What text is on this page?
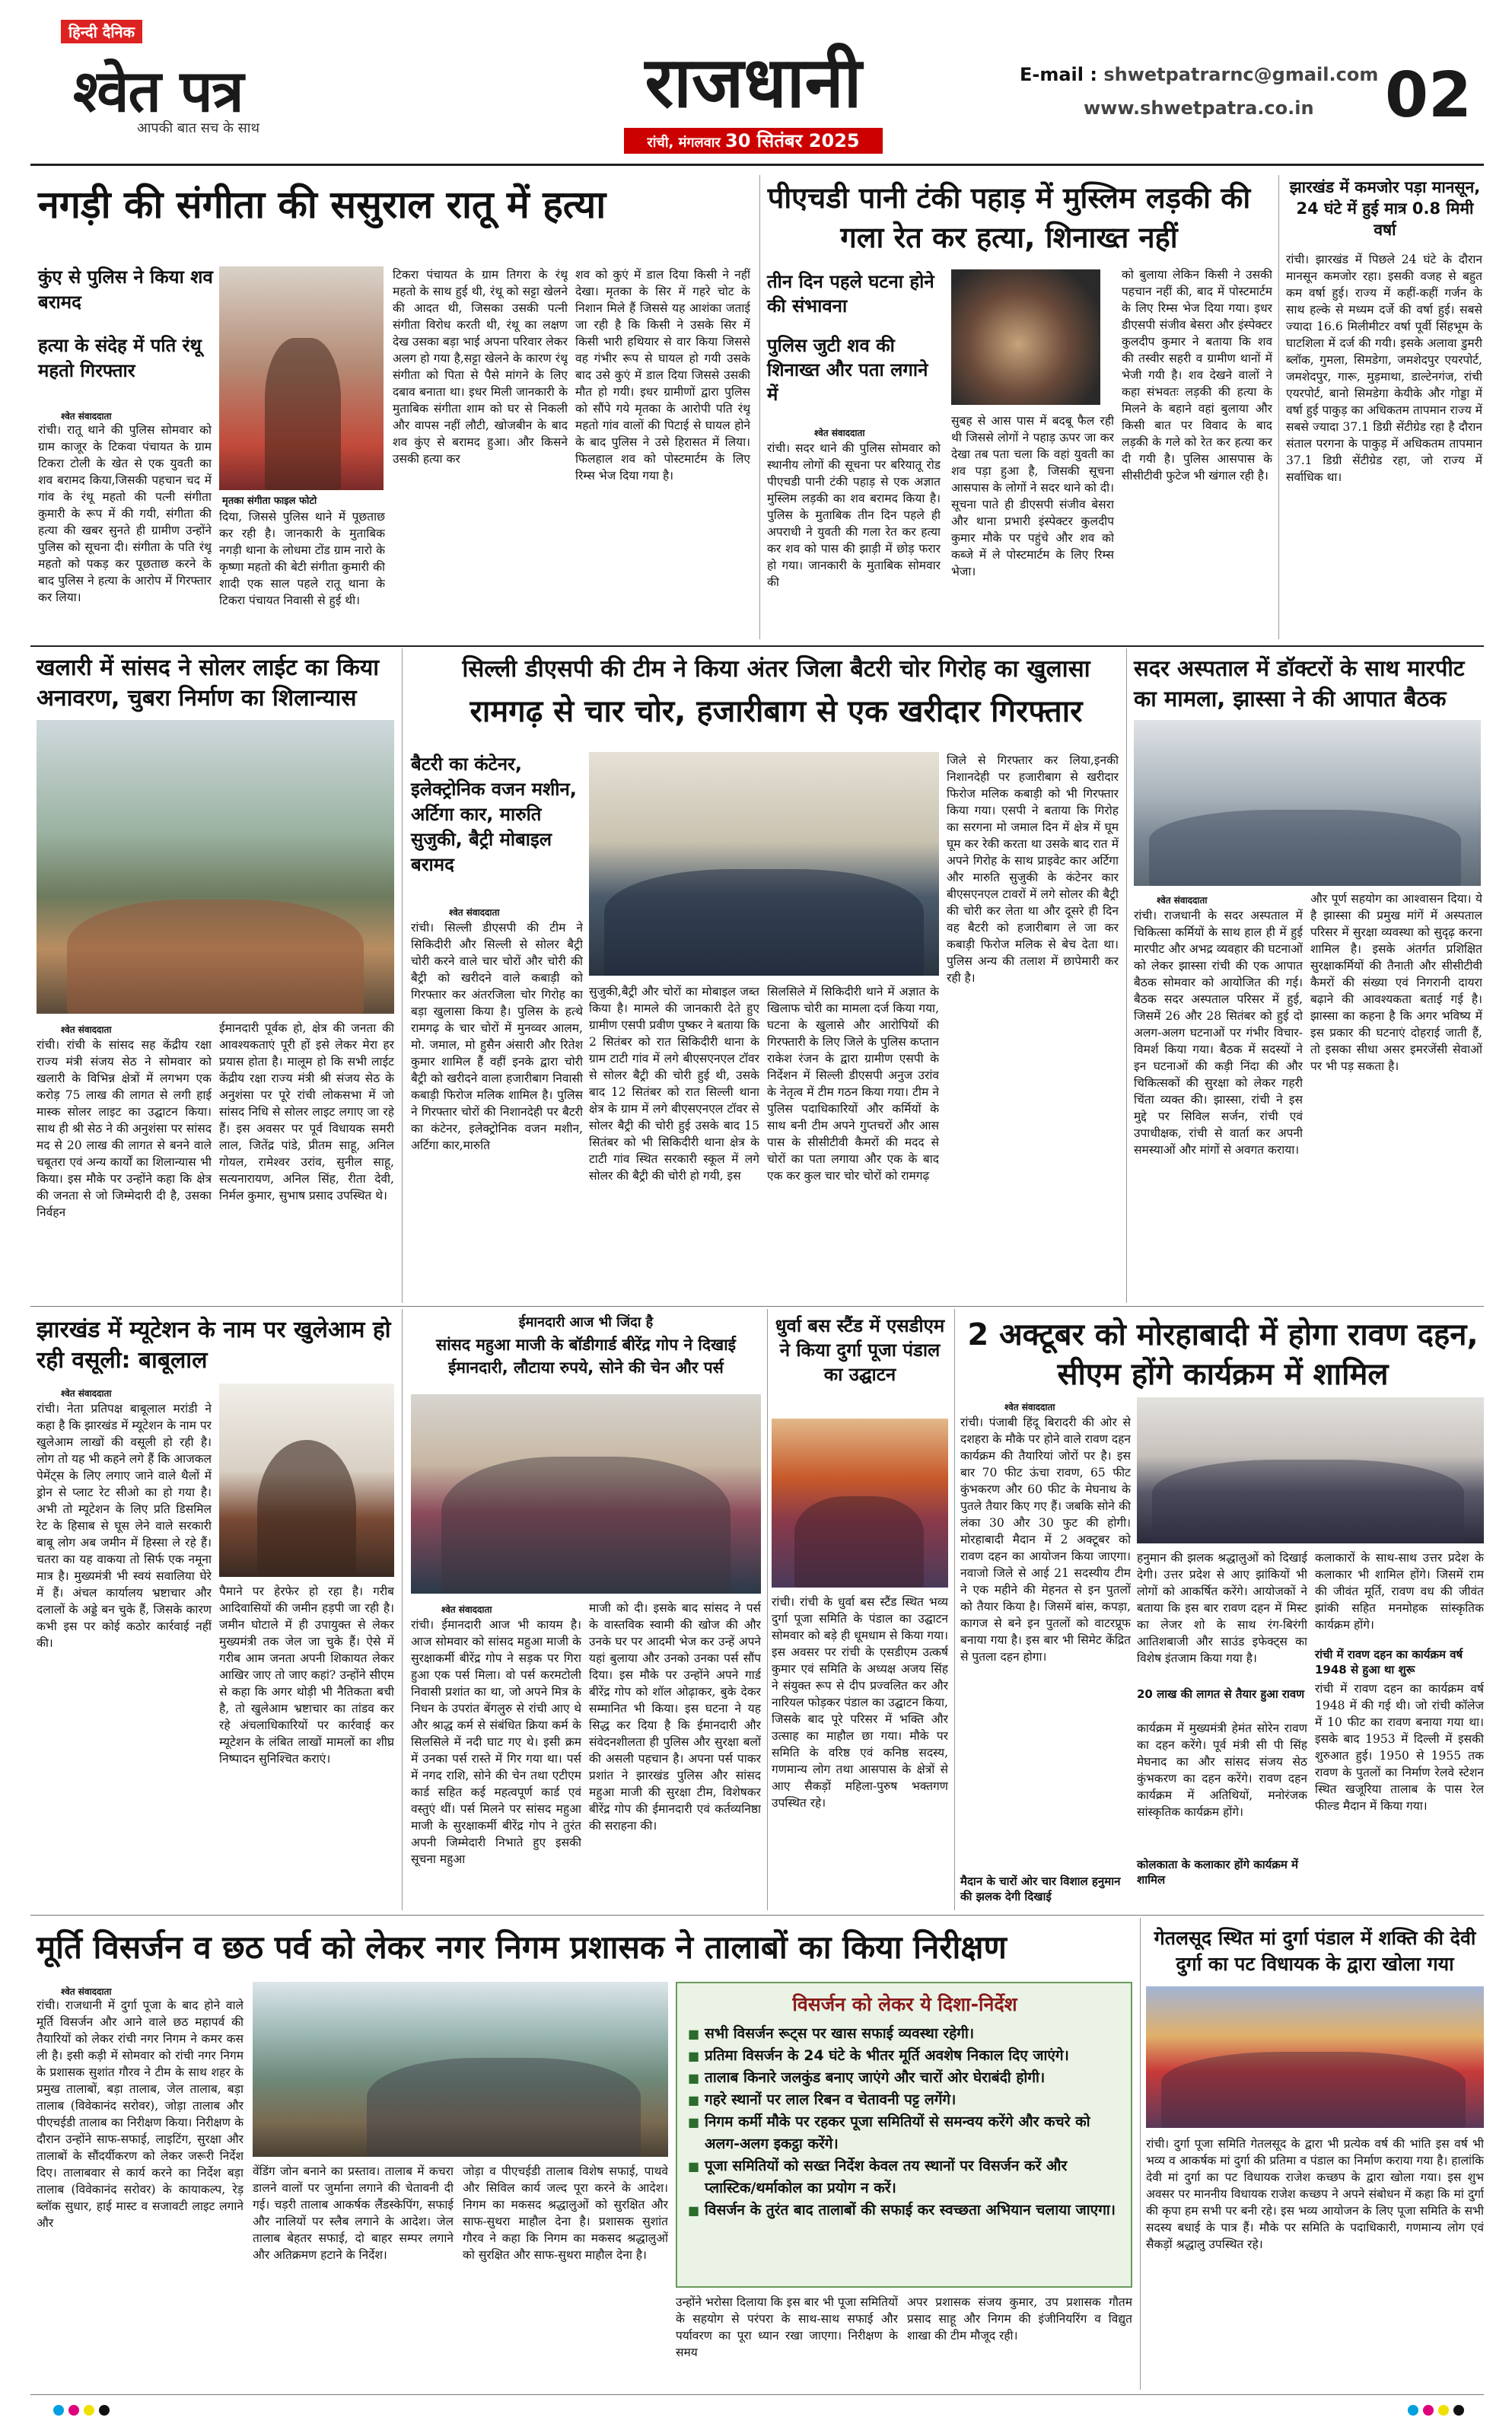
हिन्दी दैनिक
श्वेत पत्र
आपकी बात सच के साथ
राजधानी
रांची, मंगलवार 30 सितंबर 2025
E-mail : shwetpatrarnc@gmail.com
www.shwetpatra.co.in 02
नगड़ी की संगीता की ससुराल रातू में हत्या
कुंए से पुलिस ने किया शव बरामद
हत्या के संदेह में पति रंथू महतो गिरफ्तार
श्वेत संवाददाता
रांची। रातू थाने की पुलिस सोमवार को ग्राम काजूर के टिकवा पंचायत के ग्राम टिकरा टोली के खेत से एक युवती का शव बरामद किया,जिसकी पहचान चद में गांव के रंथू महतो की पत्नी संगीता कुमारी के रूप में की गयी, संगीता की हत्या की खबर सुनते ही ग्रामीण उन्होंने पुलिस को सूचना दी। संगीता के पति रंथू महतो को पकड़ कर पूछताछ करने के बाद पुलिस ने हत्या के आरोप में गिरफ्तार कर लिया।
मृतका संगीता फाइल फोटो
दिया, जिससे पुलिस थाने में पूछताछ कर रही है। जानकारी के मुताबिक नगड़ी थाना के लोधमा टोंड ग्राम नारो के कृष्णा महतो की बेटी संगीता कुमारी की शादी एक साल पहले रातू थाना के टिकरा पंचायत निवासी से हुई थी।
टिकरा पंचायत के ग्राम तिगरा के रंथू महतो के साथ हुई थी, रंथू को सट्टा खेलने की आदत थी, जिसका उसकी पत्नी संगीता विरोध करती थी, रंथू का लक्षण देख उसका बड़ा भाई अपना परिवार लेकर अलग हो गया है,सट्टा खेलने के कारण रंथू संगीता को पिता से पैसे मांगने के लिए दबाव बनाता था। इधर मिली जानकारी के मुताबिक संगीता शाम को घर से निकली और वापस नहीं लौटी, खोजबीन के बाद शव कुंए से बरामद हुआ। और किसने उसकी हत्या कर
शव को कुएं में डाल दिया किसी ने नहीं देखा। मृतका के सिर में गहरे चोट के निशान मिले हैं जिससे यह आशंका जताई जा रही है कि किसी ने उसके सिर में किसी भारी हथियार से वार किया जिससे वह गंभीर रूप से घायल हो गयी उसके बाद उसे कुएं में डाल दिया जिससे उसकी मौत हो गयी। इधर ग्रामीणों द्वारा पुलिस को सौंपे गये मृतका के आरोपी पति रंथू महतो गांव वालों की पिटाई से घायल होने के बाद पुलिस ने उसे हिरासत में लिया। फिलहाल शव को पोस्टमार्टम के लिए रिम्स भेज दिया गया है।
पीएचडी पानी टंकी पहाड़ में मुस्लिम लड़की की गला रेत कर हत्या, शिनाख्त नहीं
तीन दिन पहले घटना होने की संभावना
पुलिस जुटी शव की शिनाख्त और पता लगाने में
श्वेत संवाददाता
रांची। सदर थाने की पुलिस सोमवार को स्थानीय लोगों की सूचना पर बरियातू रोड पीएचडी पानी टंकी पहाड़ से एक अज्ञात मुस्लिम लड़की का शव बरामद किया है। पुलिस के मुताबिक तीन दिन पहले ही अपराधी ने युवती की गला रेत कर हत्या कर शव को पास की झाड़ी में छोड़ फरार हो गया। जानकारी के मुताबिक सोमवार की
सुबह से आस पास में बदबू फैल रही थी जिससे लोगों ने पहाड़ ऊपर जा कर देखा तब पता चला कि वहां युवती का शव पड़ा हुआ है, जिसकी सूचना आसपास के लोगों ने सदर थाने को दी। सूचना पाते ही डीएसपी संजीव बेसरा और थाना प्रभारी इंस्पेक्टर कुलदीप कुमार मौके पर पहुंचे और शव को कब्जे में ले पोस्टमार्टम के लिए रिम्स भेजा।
को बुलाया लेकिन किसी ने उसकी पहचान नहीं की, बाद में पोस्टमार्टम के लिए रिम्स भेज दिया गया। इधर डीएसपी संजीव बेसरा और इंस्पेक्टर कुलदीप कुमार ने बताया कि शव की तस्वीर सहरी व ग्रामीण थानों में भेजी गयी है। शव देखने वालों ने कहा संभवतः लड़की की हत्या के मिलने के बहाने वहां बुलाया और किसी बात पर विवाद के बाद लड़की के गले को रेत कर हत्या कर दी गयी है। पुलिस आसपास के सीसीटीवी फुटेज भी खंगाल रही है।
झारखंड में कमजोर पड़ा मानसून, 24 घंटे में हुई मात्र 0.8 मिमी वर्षा
रांची। झारखंड में पिछले 24 घंटे के दौरान मानसून कमजोर रहा। इसकी वजह से बहुत कम वर्षा हुई। राज्य में कहीं-कहीं गर्जन के साथ हल्के से मध्यम दर्जे की वर्षा हुई। सबसे ज्यादा 16.6 मिलीमीटर वर्षा पूर्वी सिंहभूम के घाटशिला में दर्ज की गयी। इसके अलावा डुमरी ब्लॉक, गुमला, सिमडेगा, जमशेदपुर एयरपोर्ट, जमशेदपुर, गारू, मुड़माथा, डाल्टेनगंज, रांची एयरपोर्ट, बानो सिमडेगा केयीके और गोड्डा में वर्षा हुई पाकुड़ का अधिकतम तापमान राज्य में सबसे ज्यादा 37.1 डिग्री सेंटीग्रेड रहा है दौरान संताल परगना के पाकुड़ में अधिकतम तापमान 37.1 डिग्री सेंटीग्रेड रहा, जो राज्य में सर्वाधिक था।
खलारी में सांसद ने सोलर लाईट का किया अनावरण, चुबरा निर्माण का शिलान्यास
श्वेत संवाददाता
रांची। रांची के सांसद सह केंद्रीय रक्षा राज्य मंत्री संजय सेठ ने सोमवार को खलारी के विभिन्न क्षेत्रों में लगभग एक करोड़ 75 लाख की लागत से लगी हाई मास्क सोलर लाइट का उद्घाटन किया। साथ ही श्री सेठ ने की अनुशंसा पर सांसद मद से 20 लाख की लागत से बनने वाले चबूतरा एवं अन्य कार्यों का शिलान्यास भी किया। इस मौके पर उन्होंने कहा कि क्षेत्र की जनता से जो जिम्मेदारी दी है, उसका निर्वहन
ईमानदारी पूर्वक हो, क्षेत्र की जनता की आवश्यकताएं पूरी हों इसे लेकर मेरा हर प्रयास होता है। मालूम हो कि सभी लाईट केंद्रीय रक्षा राज्य मंत्री श्री संजय सेठ के अनुशंसा पर पूरे रांची लोकसभा में जो सांसद निधि से सोलर लाइट लगाए जा रहे हैं। इस अवसर पर पूर्व विधायक समरी लाल, जितेंद्र पांडे, प्रीतम साहू, अनिल गोयल, रामेश्वर उरांव, सुनील साहू, सत्यनारायण, अनिल सिंह, रीता देवी, निर्मल कुमार, सुभाष प्रसाद उपस्थित थे।
सिल्ली डीएसपी की टीम ने किया अंतर जिला बैटरी चोर गिरोह का खुलासा
रामगढ़ से चार चोर, हजारीबाग से एक खरीदार गिरफ्तार
बैटरी का कंटेनर, इलेक्ट्रोनिक वजन मशीन, अर्टिगा कार, मारुति सुजुकी, बैट्री मोबाइल बरामद
श्वेत संवाददाता
रांची। सिल्ली डीएसपी की टीम ने सिकिदीरी और सिल्ली से सोलर बैट्री चोरी करने वाले चार चोरों और चोरी की बैट्री को खरीदने वाले कबाड़ी को गिरफ्तार कर अंतरजिला चोर गिरोह का बड़ा खुलासा किया है। पुलिस के हत्थे रामगढ़ के चार चोरों में मुनव्वर आलम, मो. जमाल, मो हुसैन अंसारी और रितेश कुमार शामिल हैं वहीं इनके द्वारा चोरी बैट्री को खरीदने वाला हजारीबाग निवासी कबाड़ी फिरोज मलिक शामिल है। पुलिस ने गिरफ्तार चोरों की निशानदेही पर बैटरी का कंटेनर, इलेक्ट्रोनिक वजन मशीन, अर्टिगा कार,मारुति
सुजुकी,बैट्री और चोरों का मोबाइल जब्त किया है। मामले की जानकारी देते हुए ग्रामीण एसपी प्रवीण पुष्कर ने बताया कि 2 सितंबर को रात सिकिदीरी थाना के ग्राम टाटी गांव में लगे बीएसएनएल टॉवर से सोलर बैट्री की चोरी हुई थी, उसके बाद 12 सितंबर को रात सिल्ली थाना क्षेत्र के ग्राम में लगे बीएसएनएल टॉवर से सोलर बैट्री की चोरी हुई उसके बाद 15 सितंबर को भी सिकिदीरी थाना क्षेत्र के टाटी गांव स्थित सरकारी स्कूल में लगे सोलर की बैट्री की चोरी हो गयी, इस
सिलसिले में सिकिदीरी थाने में अज्ञात के खिलाफ चोरी का मामला दर्ज किया गया, घटना के खुलासे और आरोपियों की गिरफ्तारी के लिए जिले के पुलिस कप्तान राकेश रंजन के द्वारा ग्रामीण एसपी के निर्देशन में सिल्ली डीएसपी अनुज उरांव के नेतृत्व में टीम गठन किया गया। टीम ने पुलिस पदाधिकारियों और कर्मियों के साथ बनी टीम अपने गुप्तचरों और आस पास के सीसीटीवी कैमरों की मदद से चोरों का पता लगाया और एक के बाद एक कर कुल चार चोर चोरों को रामगढ़
जिले से गिरफ्तार कर लिया,इनकी निशानदेही पर हजारीबाग से खरीदार फिरोज मलिक कबाड़ी को भी गिरफ्तार किया गया। एसपी ने बताया कि गिरोह का सरगना मो जमाल दिन में क्षेत्र में घूम घूम कर रेकी करता था उसके बाद रात में अपने गिरोह के साथ प्राइवेट कार अर्टिगा और मारुति सुजुकी के कंटेनर कार बीएसएनएल टावरों में लगे सोलर की बैट्री की चोरी कर लेता था और दूसरे ही दिन वह बैटरी को हजारीबाग ले जा कर कबाड़ी फिरोज मलिक से बेच देता था। पुलिस अन्य की तलाश में छापेमारी कर रही है।
सदर अस्पताल में डॉक्टरों के साथ मारपीट का मामला, झास्सा ने की आपात बैठक
श्वेत संवाददाता
रांची। राजधानी के सदर अस्पताल में चिकित्सा कर्मियों के साथ हाल ही में हुई मारपीट और अभद्र व्यवहार की घटनाओं को लेकर झास्सा रांची की एक आपात बैठक सोमवार को आयोजित की गई। बैठक सदर अस्पताल परिसर में हुई, जिसमें 26 और 28 सितंबर को हुई दो अलग-अलग घटनाओं पर गंभीर विचार-विमर्श किया गया। बैठक में सदस्यों ने इन घटनाओं की कड़ी निंदा की और चिकित्सकों की सुरक्षा को लेकर गहरी चिंता व्यक्त की। झास्सा, रांची ने इस मुद्दे पर सिविल सर्जन, रांची एवं उपाधीक्षक, रांची से वार्ता कर अपनी समस्याओं और मांगों से अवगत कराया।
और पूर्ण सहयोग का आश्वासन दिया। ये है झास्सा की प्रमुख मांगें में अस्पताल परिसर में सुरक्षा व्यवस्था को सुदृढ़ करना शामिल है। इसके अंतर्गत प्रशिक्षित सुरक्षाकर्मियों की तैनाती और सीसीटीवी कैमरों की संख्या एवं निगरानी दायरा बढ़ाने की आवश्यकता बताई गई है। झास्सा का कहना है कि अगर भविष्य में इस प्रकार की घटनाएं दोहराई जाती हैं, तो इसका सीधा असर इमरजेंसी सेवाओं पर भी पड़ सकता है।
झारखंड में म्यूटेशन के नाम पर खुलेआम हो रही वसूली: बाबूलाल
श्वेत संवाददाता
रांची। नेता प्रतिपक्ष बाबूलाल मरांडी ने कहा है कि झारखंड में म्यूटेशन के नाम पर खुलेआम लाखों की वसूली हो रही है। लोग तो यह भी कहने लगे हैं कि आजकल पेमेंट्स के लिए लगाए जाने वाले थैलों में ड्रोन से प्लाट रेट सीओ का हो गया है। अभी तो म्यूटेशन के लिए प्रति डिसमिल रेट के हिसाब से घूस लेने वाले सरकारी बाबू लोग अब जमीन में हिस्सा ले रहे हैं। चतरा का यह वाकया तो सिर्फ एक नमूना मात्र है। मुख्यमंत्री भी स्वयं सवालिया घेरे में हैं। अंचल कार्यालय भ्रष्टाचार और दलालों के अड्डे बन चुके हैं, जिसके कारण कभी इस पर कोई कठोर कार्रवाई नहीं की।
पैमाने पर हेरफेर हो रहा है। गरीब आदिवासियों की जमीन हड़पी जा रही है। जमीन घोटाले में ही उपायुक्त से लेकर मुख्यमंत्री तक जेल जा चुके हैं। ऐसे में गरीब आम जनता अपनी शिकायत लेकर आखिर जाए तो जाए कहां? उन्होंने सीएम से कहा कि अगर थोड़ी भी नैतिकता बची है, तो खुलेआम भ्रष्टाचार का तांडव कर रहे अंचलाधिकारियों पर कार्रवाई कर म्यूटेशन के लंबित लाखों मामलों का शीघ्र निष्पादन सुनिश्चित कराएं।
ईमानदारी आज भी जिंदा है
सांसद महुआ माजी के बॉडीगार्ड बीरेंद्र गोप ने दिखाई ईमानदारी, लौटाया रुपये, सोने की चेन और पर्स
श्वेत संवाददाता
रांची। ईमानदारी आज भी कायम है। आज सोमवार को सांसद महुआ माजी के सुरक्षाकर्मी बीरेंद्र गोप ने सड़क पर गिरा हुआ एक पर्स मिला। वो पर्स करमटोली निवासी प्रशांत का था, जो अपने मित्र के निधन के उपरांत बेंगलुरु से रांची आए थे और श्राद्ध कर्म से संबंधित क्रिया कर्म के सिलसिले में नदी घाट गए थे। इसी क्रम में उनका पर्स रास्ते में गिर गया था। पर्स में नगद राशि, सोने की चेन तथा एटीएम कार्ड सहित कई महत्वपूर्ण कार्ड एवं वस्तुएं थीं। पर्स मिलने पर सांसद महुआ माजी के सुरक्षाकर्मी बीरेंद्र गोप ने तुरंत अपनी जिम्मेदारी निभाते हुए इसकी सूचना महुआ
माजी को दी। इसके बाद सांसद ने पर्स के वास्तविक स्वामी की खोज की और उनके घर पर आदमी भेज कर उन्हें अपने यहां बुलाया और उनको उनका पर्स सौंप दिया। इस मौके पर उन्होंने अपने गार्ड बीरेंद्र गोप को शॉल ओढ़ाकर, बुके देकर सम्मानित भी किया। इस घटना ने यह सिद्ध कर दिया है कि ईमानदारी और संवेदनशीलता ही पुलिस और सुरक्षा बलों की असली पहचान है। अपना पर्स पाकर प्रशांत ने झारखंड पुलिस और सांसद महुआ माजी की सुरक्षा टीम, विशेषकर बीरेंद्र गोप की ईमानदारी एवं कर्तव्यनिष्ठा की सराहना की।
धुर्वा बस स्टैंड में एसडीएम ने किया दुर्गा पूजा पंडाल का उद्घाटन
रांची। रांची के धुर्वा बस स्टैंड स्थित भव्य दुर्गा पूजा समिति के पंडाल का उद्घाटन सोमवार को बड़े ही धूमधाम से किया गया। इस अवसर पर रांची के एसडीएम उत्कर्ष कुमार एवं समिति के अध्यक्ष अजय सिंह ने संयुक्त रूप से दीप प्रज्वलित कर और नारियल फोड़कर पंडाल का उद्घाटन किया, जिसके बाद पूरे परिसर में भक्ति और उत्साह का माहौल छा गया। मौके पर समिति के वरिष्ठ एवं कनिष्ठ सदस्य, गणमान्य लोग तथा आसपास के क्षेत्रों से आए सैकड़ों महिला-पुरुष भक्तगण उपस्थित रहे।
2 अक्टूबर को मोरहाबादी में होगा रावण दहन, सीएम होंगे कार्यक्रम में शामिल
श्वेत संवाददाता
रांची। पंजाबी हिंदू बिरादरी की ओर से दशहरा के मौके पर होने वाले रावण दहन कार्यक्रम की तैयारियां जोरों पर है। इस बार 70 फीट ऊंचा रावण, 65 फीट कुंभकरण और 60 फीट के मेघनाथ के पुतले तैयार किए गए हैं। जबकि सोने की लंका 30 और 30 फुट की होगी। मोरहाबादी मैदान में 2 अक्टूबर को रावण दहन का आयोजन किया जाएगा। नवाजो जिले से आई 21 सदस्यीय टीम ने एक महीने की मेहनत से इन पुतलों को तैयार किया है। जिसमें बांस, कपड़ा, कागज से बने इन पुतलों को वाटरप्रूफ बनाया गया है। इस बार भी सिमेट केंद्रित से पुतला दहन होगा।
मैदान के चारों ओर चार विशाल हनुमान की झलक देगी दिखाई
हनुमान की झलक श्रद्धालुओं को दिखाई देगी। उत्तर प्रदेश से आए झांकियों भी लोगों को आकर्षित करेंगे। आयोजकों ने बताया कि इस बार रावण दहन में मिस्ट का लेजर शो के साथ रंग-बिरंगी आतिशबाजी और साउंड इफेक्ट्स का विशेष इंतजाम किया गया है।
20 लाख की लागत से तैयार हुआ रावण
कार्यक्रम में मुख्यमंत्री हेमंत सोरेन रावण का दहन करेंगे। पूर्व मंत्री सी पी सिंह मेघनाद का और सांसद संजय सेठ कुंभकरण का दहन करेंगे। रावण दहन कार्यक्रम में अतिथियों, मनोरंजक सांस्कृतिक कार्यक्रम होंगे।
कोलकाता के कलाकार होंगे कार्यक्रम में शामिल
कलाकारों के साथ-साथ उत्तर प्रदेश के कलाकार भी शामिल होंगे। जिसमें राम की जीवंत मूर्ति, रावण वध की जीवंत झांकी सहित मनमोहक सांस्कृतिक कार्यक्रम होंगे।
रांची में रावण दहन का कार्यक्रम वर्ष 1948 से हुआ था शुरू
रांची में रावण दहन का कार्यक्रम वर्ष 1948 में की गई थी। जो रांची कॉलेज में 10 फीट का रावण बनाया गया था। इसके बाद 1953 में दिल्ली में इसकी शुरुआत हुई। 1950 से 1955 तक रावण के पुतलों का निर्माण रेलवे स्टेशन स्थित खजूरिया तालाब के पास रेल फील्ड मैदान में किया गया।
मूर्ति विसर्जन व छठ पर्व को लेकर नगर निगम प्रशासक ने तालाबों का किया निरीक्षण
श्वेत संवाददाता
रांची। राजधानी में दुर्गा पूजा के बाद होने वाले मूर्ति विसर्जन और आने वाले छठ महापर्व की तैयारियों को लेकर रांची नगर निगम ने कमर कस ली है। इसी कड़ी में सोमवार को रांची नगर निगम के प्रशासक सुशांत गौरव ने टीम के साथ शहर के प्रमुख तालाबों, बड़ा तालाब, जेल तालाब, बड़ा तालाब (विवेकानंद सरोवर), जोड़ा तालाब और पीएचईडी तालाब का निरीक्षण किया। निरीक्षण के दौरान उन्होंने साफ-सफाई, लाइटिंग, सुरक्षा और तालाबों के सौंदर्यीकरण को लेकर जरूरी निर्देश दिए। तालाबवार से कार्य करने का निर्देश बड़ा तालाब (विवेकानंद सरोवर) के कायाकल्प, रेड़ ब्लॉक सुधार, हाई मास्ट व सजावटी लाइट लगाने और
वेंडिंग जोन बनाने का प्रस्ताव। तालाब में कचरा डालने वालों पर जुर्माना लगाने की चेतावनी दी गई। चड़री तालाब आकर्षक लैंडस्केपिंग, सफाई और नालियों पर स्लैब लगाने के आदेश। जेल तालाब बेहतर सफाई, दो बाहर सम्पर लगाने और अतिक्रमण हटाने के निर्देश।
जोड़ा व पीएचईडी तालाब विशेष सफाई, पाथवे और सिविल कार्य जल्द पूरा करने के आदेश। निगम का मकसद श्रद्धालुओं को सुरक्षित और साफ-सुथरा माहौल देना है। प्रशासक सुशांत गौरव ने कहा कि निगम का मकसद श्रद्धालुओं को सुरक्षित और साफ-सुथरा माहौल देना है।
विसर्जन को लेकर ये दिशा-निर्देश
■ सभी विसर्जन रूट्स पर खास सफाई व्यवस्था रहेगी।
■ प्रतिमा विसर्जन के 24 घंटे के भीतर मूर्ति अवशेष निकाल दिए जाएंगे।
■ तालाब किनारे जलकुंड बनाए जाएंगे और चारों ओर घेराबंदी होगी।
■ गहरे स्थानों पर लाल रिबन व चेतावनी पट्ट लगेंगे।
■ निगम कर्मी मौके पर रहकर पूजा समितियों से समन्वय करेंगे और कचरे को अलग-अलग इकट्ठा करेंगे।
■ पूजा समितियों को सख्त निर्देश केवल तय स्थानों पर विसर्जन करें और प्लास्टिक/थर्माकोल का प्रयोग न करें।
■ विसर्जन के तुरंत बाद तालाबों की सफाई कर स्वच्छता अभियान चलाया जाएगा।
उन्होंने भरोसा दिलाया कि इस बार भी पूजा समितियों के सहयोग से परंपरा के साथ-साथ सफाई और पर्यावरण का पूरा ध्यान रखा जाएगा। निरीक्षण के समय
अपर प्रशासक संजय कुमार, उप प्रशासक गौतम प्रसाद साहू और निगम की इंजीनियरिंग व विद्युत शाखा की टीम मौजूद रही।
गेतलसूद स्थित मां दुर्गा पंडाल में शक्ति की देवी दुर्गा का पट विधायक के द्वारा खोला गया
रांची। दुर्गा पूजा समिति गेतलसूद के द्वारा भी प्रत्येक वर्ष की भांति इस वर्ष भी भव्य व आकर्षक मां दुर्गा की प्रतिमा व पंडाल का निर्माण कराया गया है। हालांकि देवी मां दुर्गा का पट विधायक राजेश कच्छप के द्वारा खोला गया। इस शुभ अवसर पर माननीय विधायक राजेश कच्छप ने अपने संबोधन में कहा कि मां दुर्गा की कृपा हम सभी पर बनी रहे। इस भव्य आयोजन के लिए पूजा समिति के सभी सदस्य बधाई के पात्र हैं। मौके पर समिति के पदाधिकारी, गणमान्य लोग एवं सैकड़ों श्रद्धालु उपस्थित रहे।
